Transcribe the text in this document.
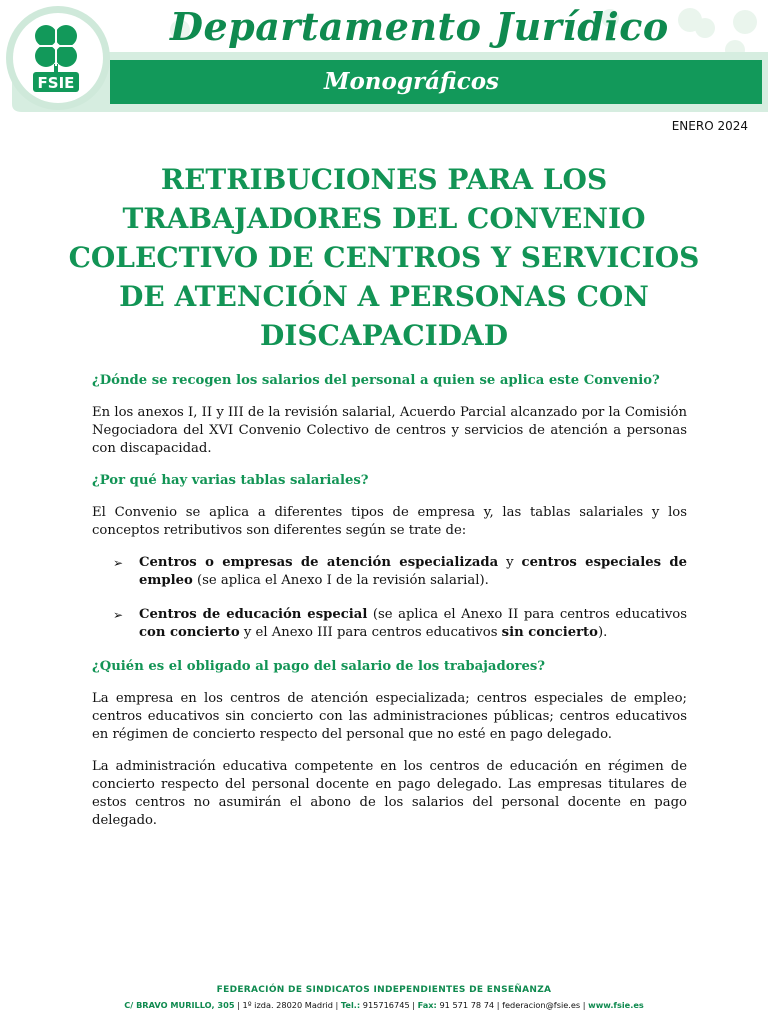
FSIE
Departamento Jurídico
Monográficos
ENERO 2024
RETRIBUCIONES PARA LOS TRABAJADORES DEL CONVENIO COLECTIVO DE CENTROS Y SERVICIOS DE ATENCIÓN A PERSONAS CON DISCAPACIDAD

¿Dónde se recogen los salarios del personal a quien se aplica este Convenio?

En los anexos I, II y III de la revisión salarial, Acuerdo Parcial alcanzado por la Comisión Negociadora del XVI Convenio Colectivo de centros y servicios de atención a personas con discapacidad.

¿Por qué hay varias tablas salariales?

El Convenio se aplica a diferentes tipos de empresa y, las tablas salariales y los conceptos retributivos son diferentes según se trate de:

➢ Centros o empresas de atención especializada y centros especiales de empleo (se aplica el Anexo I de la revisión salarial).
➢ Centros de educación especial (se aplica el Anexo II para centros educativos con concierto y el Anexo III para centros educativos sin concierto).

¿Quién es el obligado al pago del salario de los trabajadores?

La empresa en los centros de atención especializada; centros especiales de empleo; centros educativos sin concierto con las administraciones públicas; centros educativos en régimen de concierto respecto del personal que no esté en pago delegado.

La administración educativa competente en los centros de educación en régimen de concierto respecto del personal docente en pago delegado. Las empresas titulares de estos centros no asumirán el abono de los salarios del personal docente en pago delegado.

FEDERACIÓN DE SINDICATOS INDEPENDIENTES DE ENSEÑANZA
C/ BRAVO MURILLO, 305 | 1º izda. 28020 Madrid | Tel.: 915716745 | Fax: 91 571 78 74 | federacion@fsie.es | www.fsie.es
